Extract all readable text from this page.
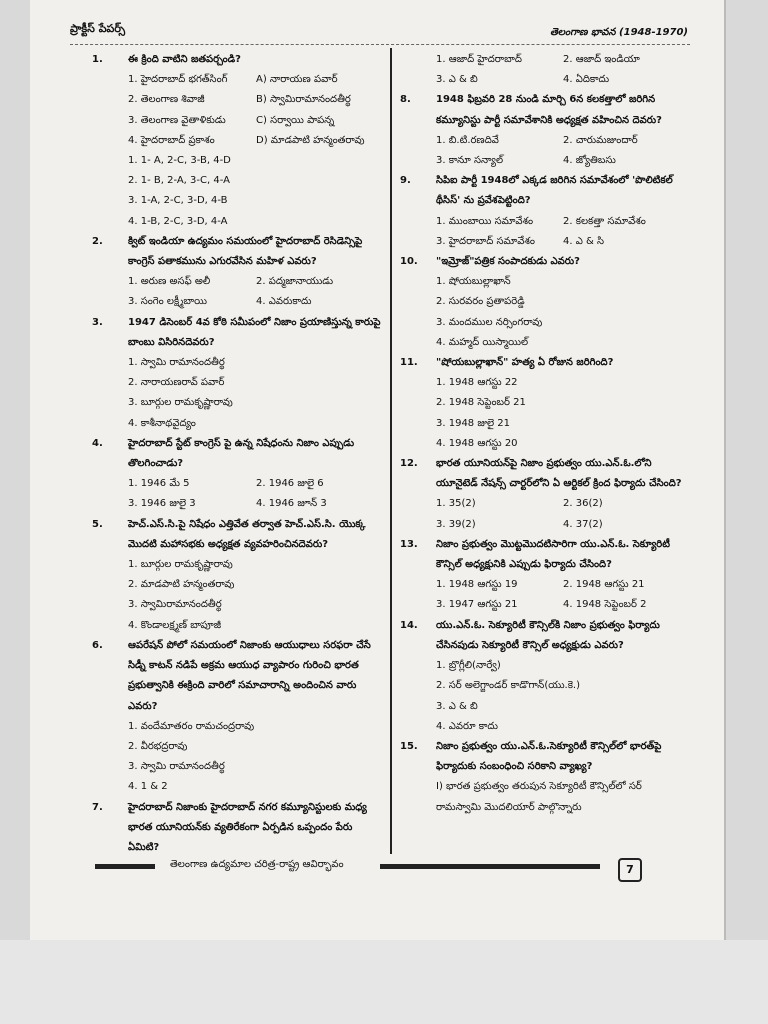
ప్రాక్టీస్ పేపర్స్	తెలంగాణ భావన (1948-1970)
1.	ఈ క్రింది వాటిని జతపర్చండి?
1. హైదరాబాద్ భగత్‌సింగ్	A) నారాయణ పవార్
2. తెలంగాణ శివాజీ	B) స్వామిరామానందతీర్థ
3. తెలంగాణ వైతాళికుడు	C) సర్వాయి పాపన్న
4. హైదరాబాద్ ప్రకాశం	D) మాడపాటి హన్మంతరావు
1. 1- A, 2-C, 3-B, 4-D
2. 1- B, 2-A, 3-C, 4-A
3. 1-A, 2-C, 3-D, 4-B
4. 1-B, 2-C, 3-D, 4-A
2.	క్విట్ ఇండియా ఉద్యమం సమయంలో హైదరాబాద్ రెసిడెన్సిపై కాంగ్రెస్ పతాకమును ఎగురవేసిన మహిళ ఎవరు?
1. అరుణ అసఫ్ అలీ	2. పద్మజానాయుడు
3. సంగెం లక్ష్మీబాయి	4. ఎవరుకాదు
3.	1947 డిసెంబర్ 4వ కోఠి సమీపంలో నిజాం ప్రయాణిస్తున్న కారుపై బాంబు విసిరినదెవరు?
1. స్వామి రామానందతీర్థ
2. నారాయణరావ్ పవార్
3. బూర్గుల రామకృష్ణారావు
4. కాశీనాథవైద్యం
4.	హైదరాబాద్ స్టేట్ కాంగ్రెస్ పై ఉన్న నిషేధంను నిజాం ఎప్పుడు తొలగించాడు?
1. 1946 మే 5	2. 1946 జులై 6
3. 1946 జులై 3	4. 1946 జూన్ 3
5.	హెచ్.ఎస్.సి.పై నిషేధం ఎత్తివేత తర్వాత హెచ్.ఎస్.సి. యొక్క మొదటి మహాసభకు అధ్యక్షత వ్యవహరించినదెవరు?
1. బూర్గుల రామకృష్ణారావు
2. మాడపాటి హన్మంతరావు
3. స్వామిరామానందతీర్థ
4. కొండాలక్ష్మణ్ బాపూజీ
6.	ఆపరేషన్ పోలో సమయంలో నిజాంకు ఆయుధాలు సరఫరా చేసే సిడ్నీ కాటన్ నడిపే అక్రమ ఆయుధ వ్యాపారం గురించి భారత ప్రభుత్వానికి ఈక్రింది వారిలో సమాచారాన్ని అందించిన వారు ఎవరు?
1. వందేమాతరం రామచంద్రరావు
2. వీరభద్రరావు
3. స్వామి రామానందతీర్థ
4. 1 & 2
7.	హైదరాబాద్ నిజాంకు హైదరాబాద్ నగర కమ్యూనిస్టులకు మధ్య భారత యూనియన్‌కు వ్యతిరేకంగా ఏర్పడిన ఒప్పందం పేరు ఏమిటి?
1. ఆజాద్ హైదరాబాద్	2. ఆజాద్ ఇండియా
3. ఎ & బి	4. ఏదికాదు
8.	1948 ఫిబ్రవరి 28 నుండి మార్చి 6న కలకత్తాలో జరిగిన కమ్యూనిస్టు పార్టీ సమావేశానికి అధ్యక్షత వహించిన దెవరు?
1. బి.టి.రణదివే	2. చారుమజుందార్
3. కానూ సన్యాల్	4. జ్యోతిబసు
9.	సిపిఐ పార్టీ 1948లో ఎక్కడ జరిగిన సమావేశంలో 'పొలిటికల్ థీసిస్' ను ప్రవేశపెట్టింది?
1. ముంబాయి సమావేశం	2. కలకత్తా సమావేశం
3. హైదరాబాద్ సమావేశం	4. ఎ & సి
10.	"ఇమ్రోజ్"పత్రిక సంపాదకుడు ఎవరు?
1. షోయబుల్లాఖాన్
2. సురవరం ప్రతాపరెడ్డి
3. మందముల నర్సింగరావు
4. మహ్మద్ యిస్మాయిల్
11.	"షోయబుల్లాఖాన్" హత్య ఏ రోజున జరిగింది?
1. 1948 ఆగస్టు 22
2. 1948 సెప్టెంబర్ 21
3. 1948 జులై 21
4. 1948 ఆగస్టు 20
12.	భారత యూనియన్‌పై నిజాం ప్రభుత్వం యు.ఎన్.ఓ.లోని యూనైటెడ్ నేషన్స్ చార్టర్‌లోని ఏ ఆర్టికల్ క్రింద ఫిర్యాదు చేసింది?
1. 35(2)	2. 36(2)
3. 39(2)	4. 37(2)
13.	నిజాం ప్రభుత్వం మొట్టమొదటిసారిగా యు.ఎన్.ఓ. సెక్యూరిటీ కౌన్సిల్ అధ్యక్షునికి ఎప్పుడు ఫిర్యాదు చేసింది?
1. 1948 ఆగస్టు 19	2. 1948 ఆగస్టు 21
3. 1947 ఆగస్టు 21	4. 1948 సెప్టెంబర్ 2
14.	యు.ఎన్.ఓ. సెక్యూరిటీ కౌన్సిల్‌కి నిజాం ప్రభుత్వం ఫిర్యాదు చేసినపుడు సెక్యూరిటీ కౌన్సిల్ అధ్యక్షుడు ఎవరు?
1. బ్రొగ్లీలి(నార్వే)
2. సర్ అలెగ్జాండర్ కాడొగాన్(యు.కె.)
3. ఎ & బి
4. ఎవరూ కాదు
15.	నిజాం ప్రభుత్వం యు.ఎన్.ఓ.సెక్యూరిటీ కౌన్సిల్‌లో భారత్‌పై ఫిర్యాదుకు సంబంధించి సరికాని వ్యాఖ్య?
I) భారత ప్రభుత్వం తరుపున సెక్యూరిటీ కౌన్సిల్‌లో సర్ రామస్వామి మొదలియార్ పాల్గొన్నారు
తెలంగాణ ఉద్యమాల చరిత్ర-రాష్ట్ర ఆవిర్భావం	7
